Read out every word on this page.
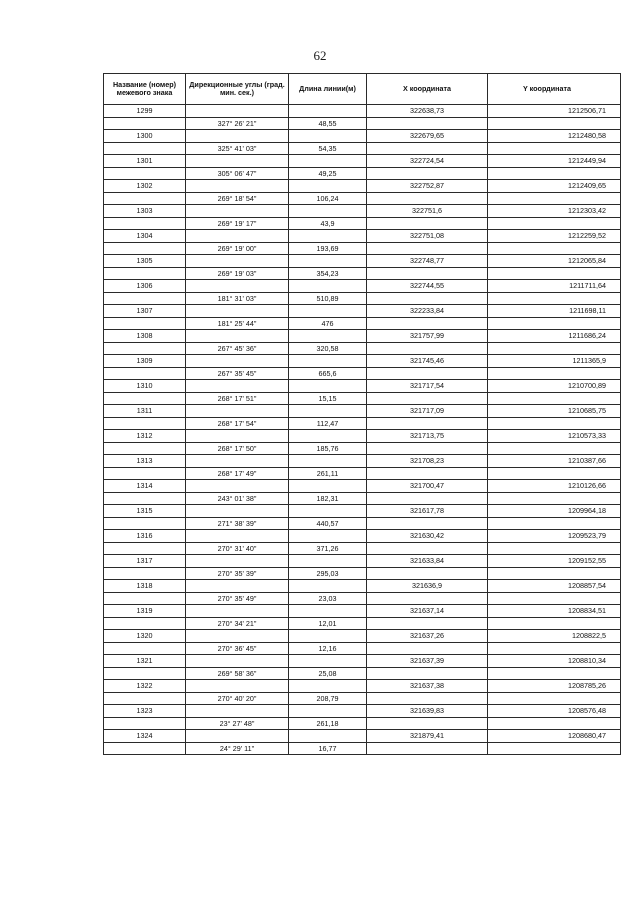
62
Название (номер) межевого знака	Дирекционные углы (град. мин. сек.)	Длина линии(м)	X координата	Y координата
1299			322638,73	1212506,71
	327° 26' 21"	48,55		
1300			322679,65	1212480,58
	325° 41' 03"	54,35		
1301			322724,54	1212449,94
	305° 06' 47"	49,25		
1302			322752,87	1212409,65
	269° 18' 54"	106,24		
1303			322751,6	1212303,42
	269° 19' 17"	43,9		
1304			322751,08	1212259,52
	269° 19' 00"	193,69		
1305			322748,77	1212065,84
	269° 19' 03"	354,23		
1306			322744,55	1211711,64
	181° 31' 03"	510,89		
1307			322233,84	1211698,11
	181° 25' 44"	476		
1308			321757,99	1211686,24
	267° 45' 36"	320,58		
1309			321745,46	1211365,9
	267° 35' 45"	665,6		
1310			321717,54	1210700,89
	268° 17' 51"	15,15		
1311			321717,09	1210685,75
	268° 17' 54"	112,47		
1312			321713,75	1210573,33
	268° 17' 50"	185,76		
1313			321708,23	1210387,66
	268° 17' 49"	261,11		
1314			321700,47	1210126,66
	243° 01' 38"	182,31		
1315			321617,78	1209964,18
	271° 38' 39"	440,57		
1316			321630,42	1209523,79
	270° 31' 40"	371,26		
1317			321633,84	1209152,55
	270° 35' 39"	295,03		
1318			321636,9	1208857,54
	270° 35' 49"	23,03		
1319			321637,14	1208834,51
	270° 34' 21"	12,01		
1320			321637,26	1208822,5
	270° 36' 45"	12,16		
1321			321637,39	1208810,34
	269° 58' 36"	25,08		
1322			321637,38	1208785,26
	270° 40' 20"	208,79		
1323			321639,83	1208576,48
	23° 27' 48"	261,18		
1324			321879,41	1208680,47
	24° 29' 11"	16,77		
